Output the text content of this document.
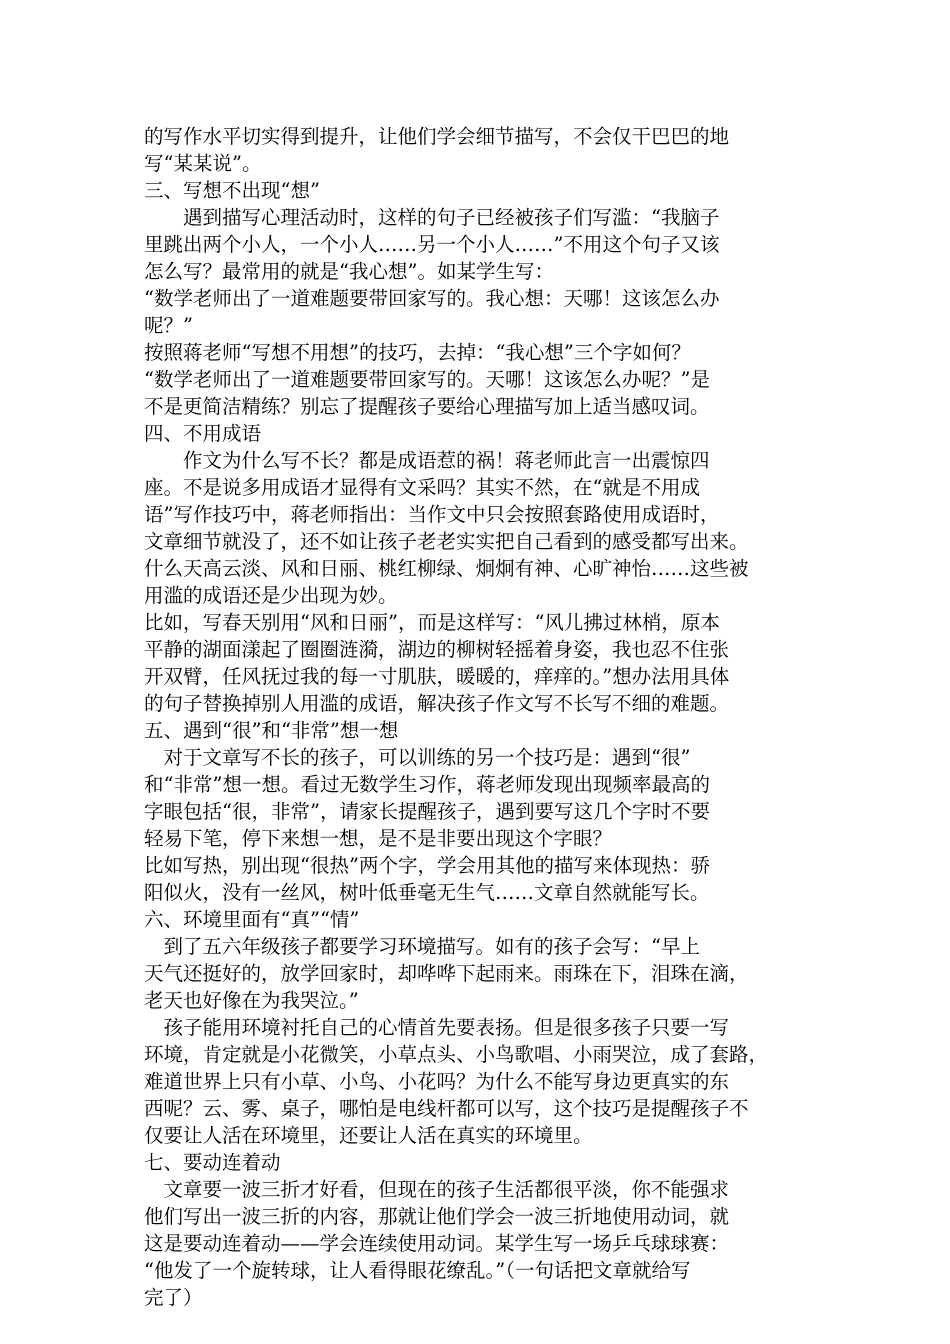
的写作水平切实得到提升，让他们学会细节描写，不会仅干巴巴的地
写“某某说”。
三、写想不出现“想”
　　遇到描写心理活动时，这样的句子已经被孩子们写滥：“我脑子
里跳出两个小人，一个小人……另一个小人……”不用这个句子又该
怎么写？最常用的就是“我心想”。如某学生写：
“数学老师出了一道难题要带回家写的。我心想：天哪！这该怎么办
呢？”
按照蒋老师“写想不用想”的技巧，去掉：“我心想”三个字如何？
“数学老师出了一道难题要带回家写的。天哪！这该怎么办呢？”是
不是更简洁精练？别忘了提醒孩子要给心理描写加上适当感叹词。
四、不用成语
　　作文为什么写不长？都是成语惹的祸！蒋老师此言一出震惊四
座。不是说多用成语才显得有文采吗？其实不然，在“就是不用成
语”写作技巧中，蒋老师指出：当作文中只会按照套路使用成语时，
文章细节就没了，还不如让孩子老老实实把自己看到的感受都写出来。
什么天高云淡、风和日丽、桃红柳绿、炯炯有神、心旷神怡……这些被
用滥的成语还是少出现为妙。
比如，写春天别用“风和日丽”，而是这样写：“风儿拂过林梢，原本
平静的湖面漾起了圈圈涟漪，湖边的柳树轻摇着身姿，我也忍不住张
开双臂，任风抚过我的每一寸肌肤，暖暖的，痒痒的。”想办法用具体
的句子替换掉别人用滥的成语，解决孩子作文写不长写不细的难题。
五、遇到“很”和“非常”想一想
　对于文章写不长的孩子，可以训练的另一个技巧是：遇到“很”
和“非常”想一想。看过无数学生习作，蒋老师发现出现频率最高的
字眼包括“很，非常”，请家长提醒孩子，遇到要写这几个字时不要
轻易下笔，停下来想一想，是不是非要出现这个字眼？
比如写热，别出现“很热”两个字，学会用其他的描写来体现热：骄
阳似火，没有一丝风，树叶低垂毫无生气……文章自然就能写长。
六、环境里面有“真”“情”
　到了五六年级孩子都要学习环境描写。如有的孩子会写：“早上
天气还挺好的，放学回家时，却哗哗下起雨来。雨珠在下，泪珠在滴，
老天也好像在为我哭泣。”
　孩子能用环境衬托自己的心情首先要表扬。但是很多孩子只要一写
环境，肯定就是小花微笑，小草点头、小鸟歌唱、小雨哭泣，成了套路，
难道世界上只有小草、小鸟、小花吗？为什么不能写身边更真实的东
西呢？云、雾、桌子，哪怕是电线杆都可以写，这个技巧是提醒孩子不
仅要让人活在环境里，还要让人活在真实的环境里。
七、要动连着动
　文章要一波三折才好看，但现在的孩子生活都很平淡，你不能强求
他们写出一波三折的内容，那就让他们学会一波三折地使用动词，就
这是要动连着动——学会连续使用动词。某学生写一场乒乓球球赛：
“他发了一个旋转球，让人看得眼花缭乱。”（一句话把文章就给写
完了）
